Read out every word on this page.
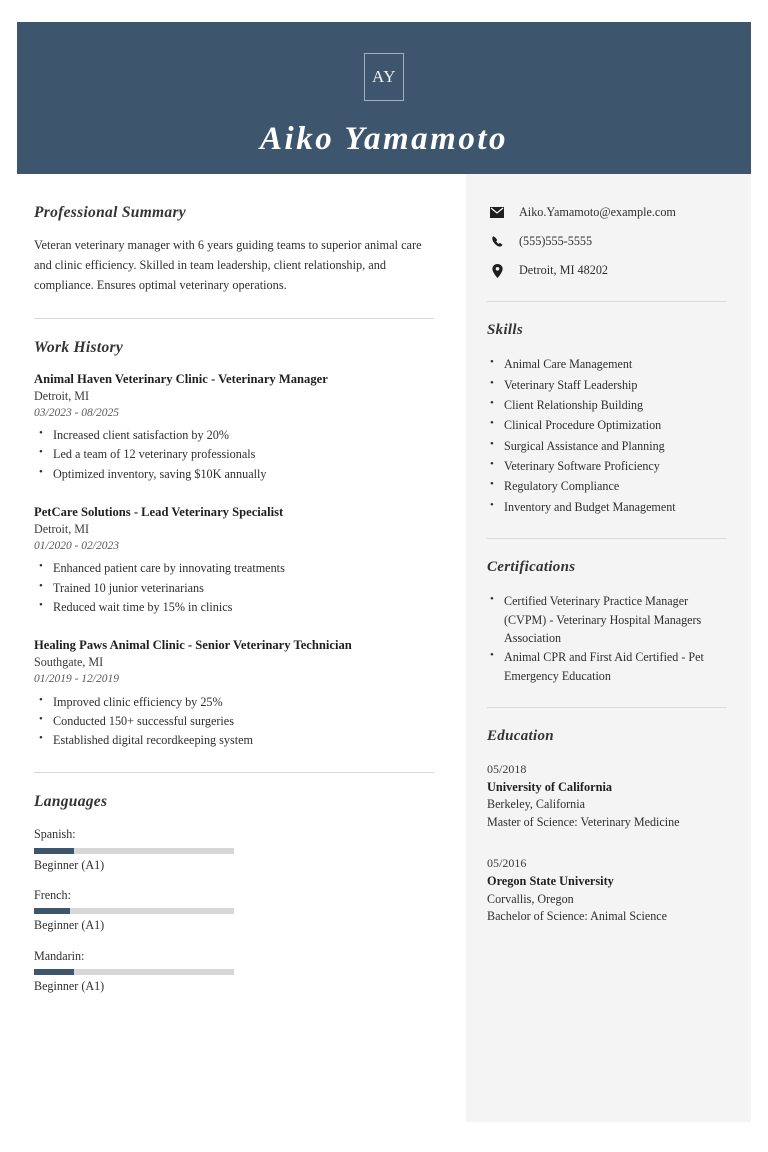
AY
Aiko Yamamoto
Professional Summary

Veteran veterinary manager with 6 years guiding teams to superior animal care and clinic efficiency. Skilled in team leadership, client relationship, and compliance. Ensures optimal veterinary operations.

Work History
Animal Haven Veterinary Clinic - Veterinary Manager
Detroit, MI
03/2023 - 08/2025
• Increased client satisfaction by 20%
• Led a team of 12 veterinary professionals
• Optimized inventory, saving $10K annually
PetCare Solutions - Lead Veterinary Specialist
Detroit, MI
01/2020 - 02/2023
• Enhanced patient care by innovating treatments
• Trained 10 junior veterinarians
• Reduced wait time by 15% in clinics
Healing Paws Animal Clinic - Senior Veterinary Technician
Southgate, MI
01/2019 - 12/2019
• Improved clinic efficiency by 25%
• Conducted 150+ successful surgeries
• Established digital recordkeeping system
Languages
Spanish:
Beginner (A1)
French:
Beginner (A1)
Mandarin:
Beginner (A1)
Aiko.Yamamoto@example.com
(555)555-5555
Detroit, MI 48202
Skills
• Animal Care Management
• Veterinary Staff Leadership
• Client Relationship Building
• Clinical Procedure Optimization
• Surgical Assistance and Planning
• Veterinary Software Proficiency
• Regulatory Compliance
• Inventory and Budget Management
Certifications
• Certified Veterinary Practice Manager (CVPM) - Veterinary Hospital Managers Association
• Animal CPR and First Aid Certified - Pet Emergency Education
Education
05/2018
University of California
Berkeley, California
Master of Science: Veterinary Medicine
05/2016
Oregon State University
Corvallis, Oregon
Bachelor of Science: Animal Science
